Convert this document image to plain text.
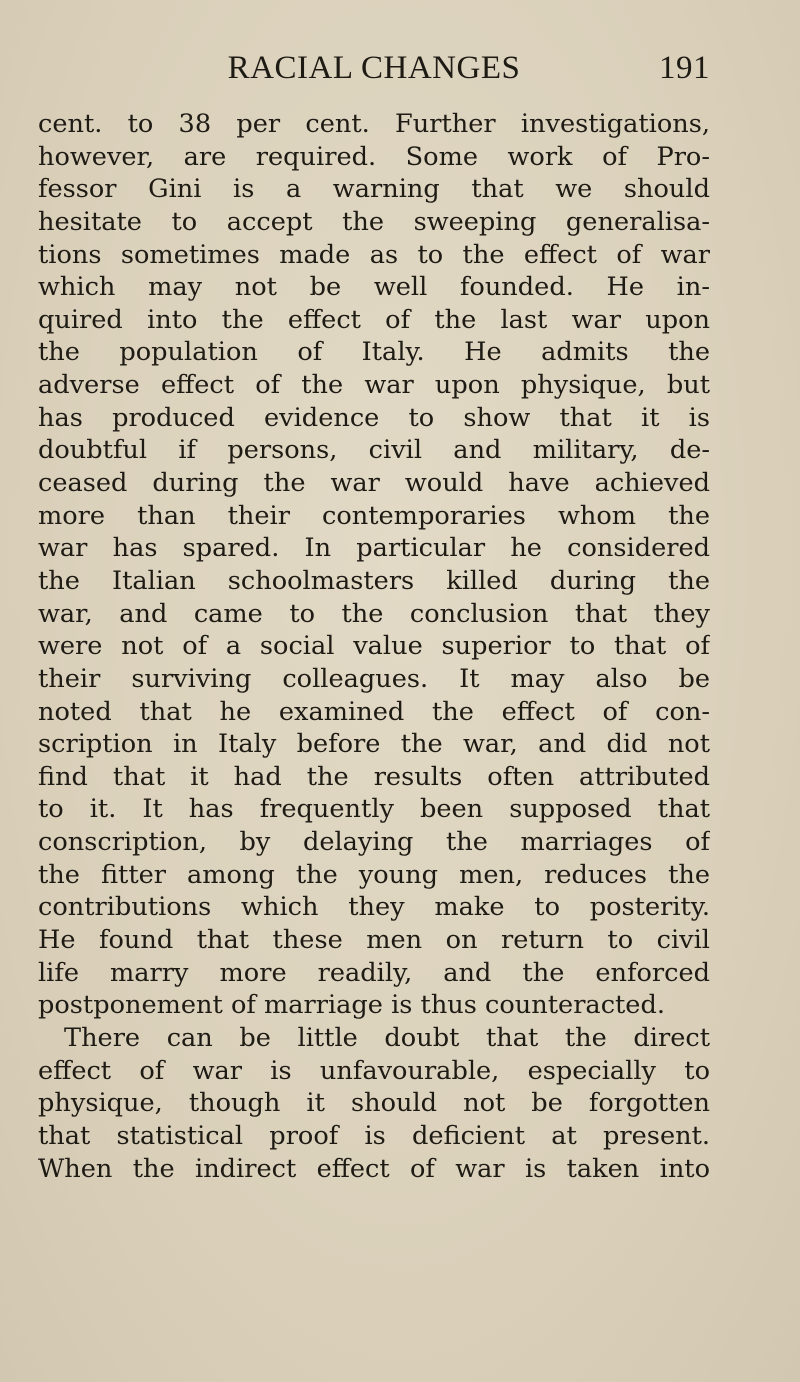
RACIAL CHANGES	191
cent. to 38 per cent. Further investigations,
however, are required. Some work of Pro-
fessor Gini is a warning that we should
hesitate to accept the sweeping generalisa-
tions sometimes made as to the effect of war
which may not be well founded. He in-
quired into the effect of the last war upon
the population of Italy. He admits the
adverse effect of the war upon physique, but
has produced evidence to show that it is
doubtful if persons, civil and military, de-
ceased during the war would have achieved
more than their contemporaries whom the
war has spared. In particular he considered
the Italian schoolmasters killed during the
war, and came to the conclusion that they
were not of a social value superior to that of
their surviving colleagues. It may also be
noted that he examined the effect of con-
scription in Italy before the war, and did not
find that it had the results often attributed
to it. It has frequently been supposed that
conscription, by delaying the marriages of
the fitter among the young men, reduces the
contributions which they make to posterity.
He found that these men on return to civil
life marry more readily, and the enforced
postponement of marriage is thus counteracted.
There can be little doubt that the direct
effect of war is unfavourable, especially to
physique, though it should not be forgotten
that statistical proof is deficient at present.
When the indirect effect of war is taken into
